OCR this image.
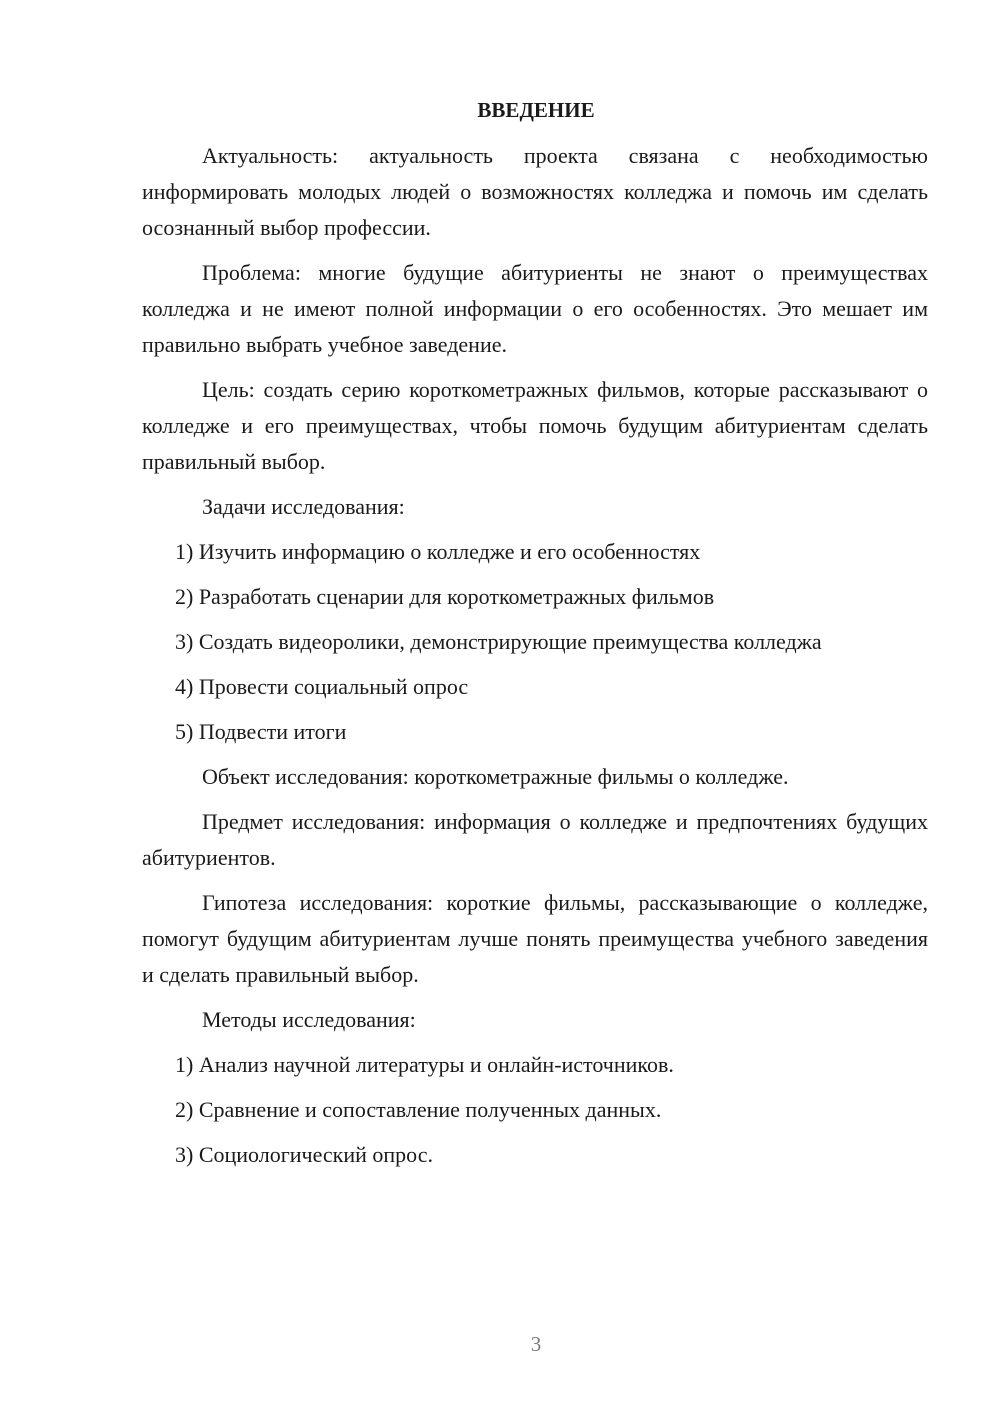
ВВЕДЕНИЕ

Актуальность: актуальность проекта связана с необходимостью информировать молодых людей о возможностях колледжа и помочь им сделать осознанный выбор профессии.

Проблема: многие будущие абитуриенты не знают о преимуществах колледжа и не имеют полной информации о его особенностях. Это мешает им правильно выбрать учебное заведение.

Цель: создать серию короткометражных фильмов, которые рассказывают о колледже и его преимуществах, чтобы помочь будущим абитуриентам сделать правильный выбор.

Задачи исследования:

1) Изучить информацию о колледже и его особенностях
2) Разработать сценарии для короткометражных фильмов
3) Создать видеоролики, демонстрирующие преимущества колледжа
4) Провести социальный опрос
5) Подвести итоги

Объект исследования: короткометражные фильмы о колледже.

Предмет исследования: информация о колледже и предпочтениях будущих абитуриентов.

Гипотеза исследования: короткие фильмы, рассказывающие о колледже, помогут будущим абитуриентам лучше понять преимущества учебного заведения и сделать правильный выбор.

Методы исследования:

1) Анализ научной литературы и онлайн-источников.
2) Сравнение и сопоставление полученных данных.
3) Социологический опрос.
3
